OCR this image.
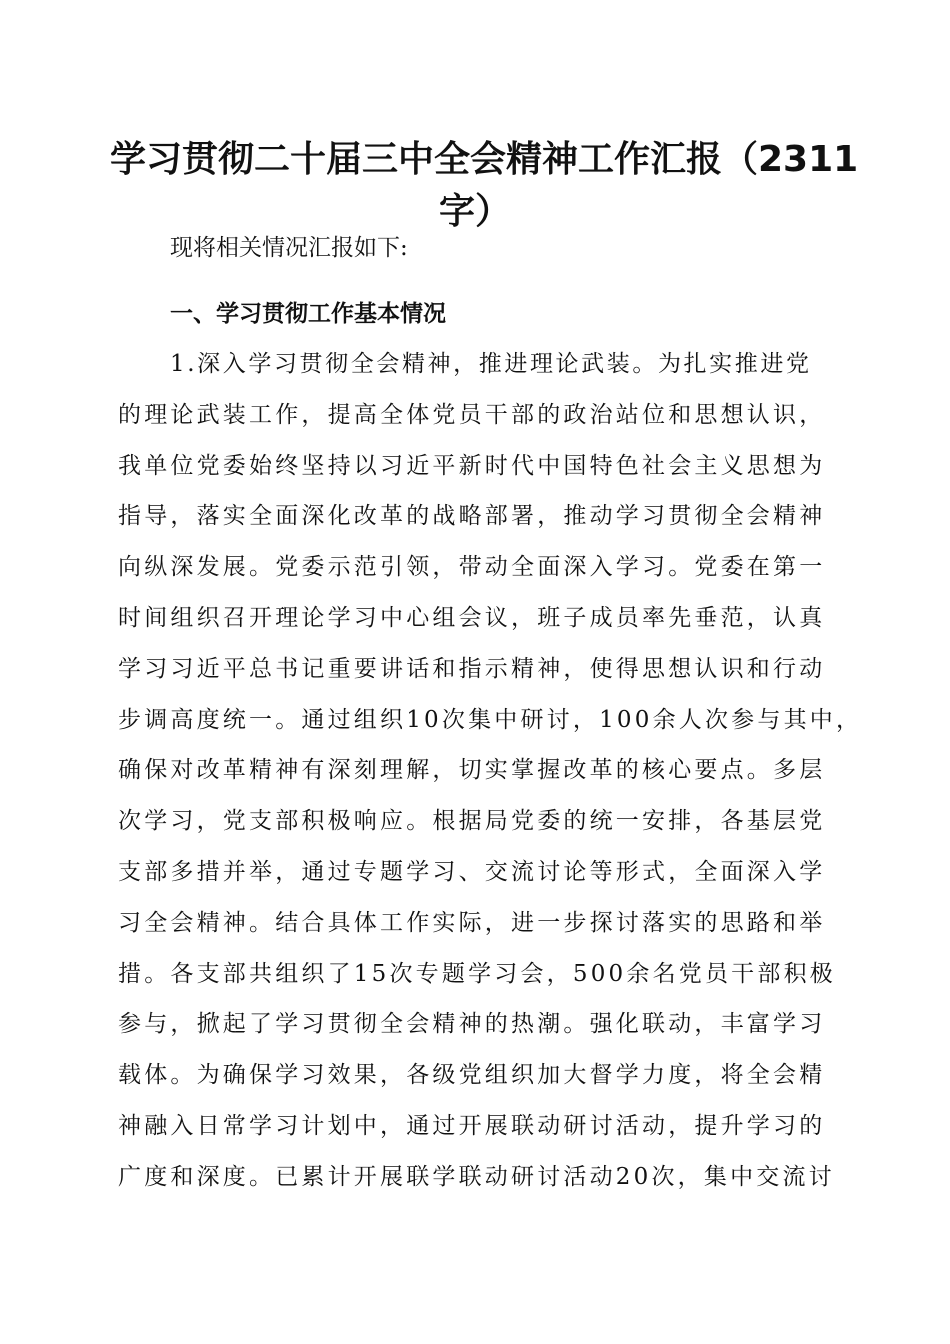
学习贯彻二十届三中全会精神工作汇报（2311
字）
现将相关情况汇报如下:
一、学习贯彻工作基本情况
1.深入学习贯彻全会精神，推进理论武装。为扎实推进党
的理论武装工作，提高全体党员干部的政治站位和思想认识，
我单位党委始终坚持以习近平新时代中国特色社会主义思想为
指导，落实全面深化改革的战略部署，推动学习贯彻全会精神
向纵深发展。党委示范引领，带动全面深入学习。党委在第一
时间组织召开理论学习中心组会议，班子成员率先垂范，认真
学习习近平总书记重要讲话和指示精神，使得思想认识和行动
步调高度统一。通过组织10次集中研讨，100余人次参与其中，
确保对改革精神有深刻理解，切实掌握改革的核心要点。多层
次学习，党支部积极响应。根据局党委的统一安排，各基层党
支部多措并举，通过专题学习、交流讨论等形式，全面深入学
习全会精神。结合具体工作实际，进一步探讨落实的思路和举
措。各支部共组织了15次专题学习会，500余名党员干部积极
参与，掀起了学习贯彻全会精神的热潮。强化联动，丰富学习
载体。为确保学习效果，各级党组织加大督学力度，将全会精
神融入日常学习计划中，通过开展联动研讨活动，提升学习的
广度和深度。已累计开展联学联动研讨活动20次，集中交流讨
